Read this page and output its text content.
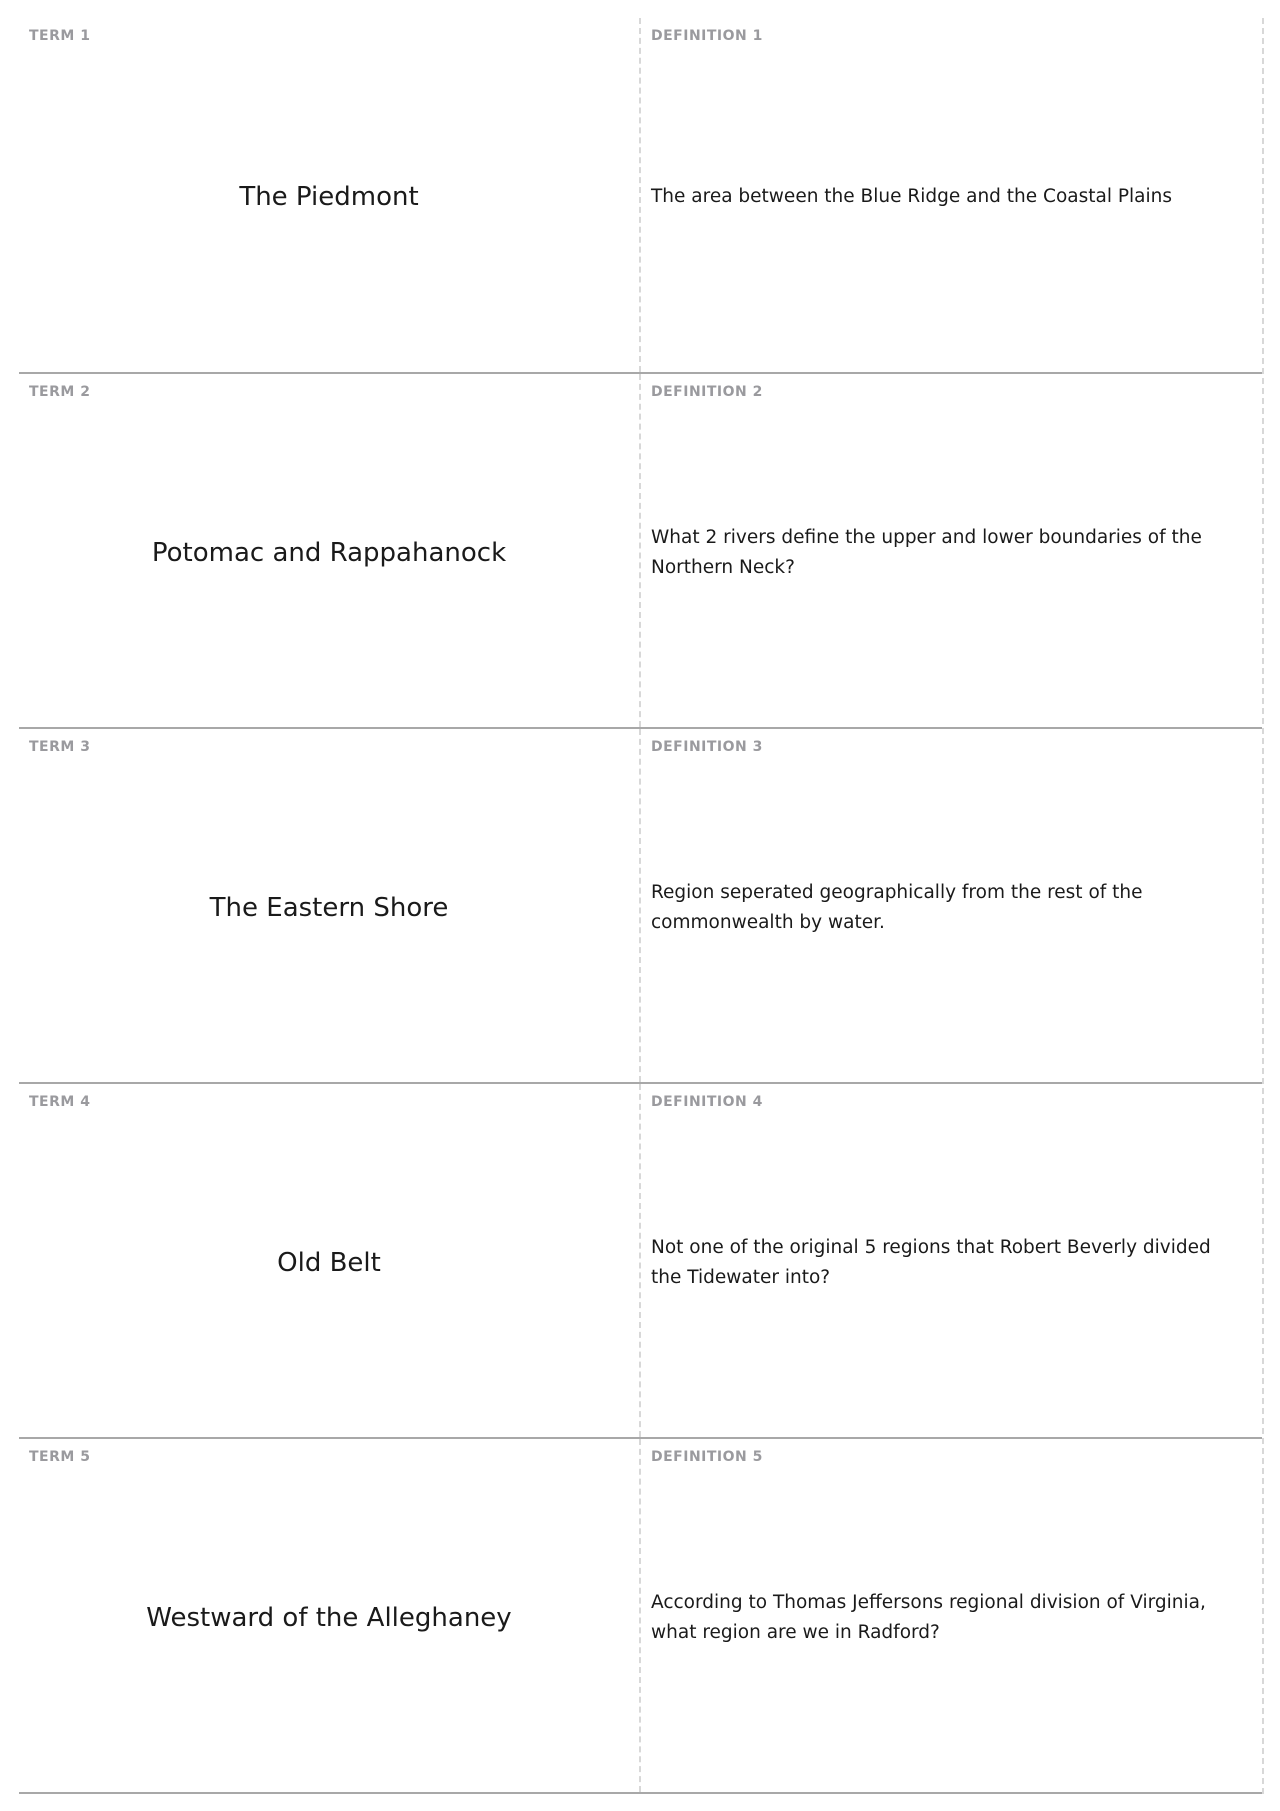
TERM 1
The Piedmont
DEFINITION 1
The area between the Blue Ridge and the Coastal Plains
TERM 2
Potomac and Rappahanock
DEFINITION 2
What 2 rivers define the upper and lower boundaries of the Northern Neck?
TERM 3
The Eastern Shore
DEFINITION 3
Region seperated geographically from the rest of the commonwealth by water.
TERM 4
Old Belt
DEFINITION 4
Not one of the original 5 regions that Robert Beverly divided the Tidewater into?
TERM 5
Westward of the Alleghaney
DEFINITION 5
According to Thomas Jeffersons regional division of Virginia, what region are we in Radford?
